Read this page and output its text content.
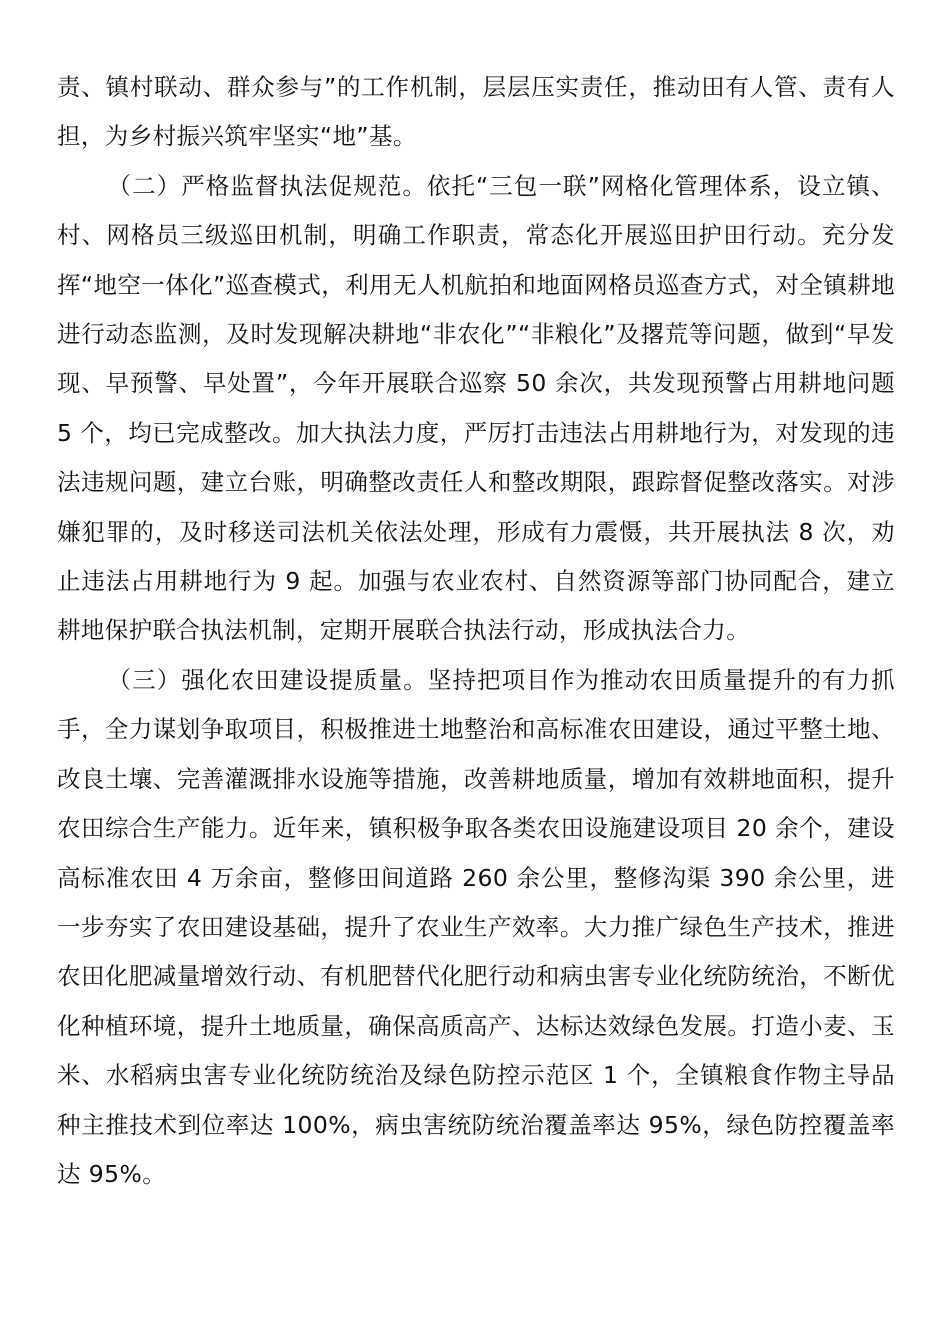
责、镇村联动、群众参与”的工作机制，层层压实责任，推动田有人管、责有人担，为乡村振兴筑牢坚实“地”基。

（二）严格监督执法促规范。依托“三包一联”网格化管理体系，设立镇、村、网格员三级巡田机制，明确工作职责，常态化开展巡田护田行动。充分发挥“地空一体化”巡查模式，利用无人机航拍和地面网格员巡查方式，对全镇耕地进行动态监测，及时发现解决耕地“非农化”“非粮化”及撂荒等问题，做到“早发现、早预警、早处置”，今年开展联合巡察 50 余次，共发现预警占用耕地问题 5 个，均已完成整改。加大执法力度，严厉打击违法占用耕地行为，对发现的违法违规问题，建立台账，明确整改责任人和整改期限，跟踪督促整改落实。对涉嫌犯罪的，及时移送司法机关依法处理，形成有力震慑，共开展执法 8 次，劝止违法占用耕地行为 9 起。加强与农业农村、自然资源等部门协同配合，建立耕地保护联合执法机制，定期开展联合执法行动，形成执法合力。

（三）强化农田建设提质量。坚持把项目作为推动农田质量提升的有力抓手，全力谋划争取项目，积极推进土地整治和高标准农田建设，通过平整土地、改良土壤、完善灌溉排水设施等措施，改善耕地质量，增加有效耕地面积，提升农田综合生产能力。近年来，镇积极争取各类农田设施建设项目 20 余个，建设高标准农田 4 万余亩，整修田间道路 260 余公里，整修沟渠 390 余公里，进一步夯实了农田建设基础，提升了农业生产效率。大力推广绿色生产技术，推进农田化肥减量增效行动、有机肥替代化肥行动和病虫害专业化统防统治，不断优化种植环境，提升土地质量，确保高质高产、达标达效绿色发展。打造小麦、玉米、水稻病虫害专业化统防统治及绿色防控示范区 1 个，全镇粮食作物主导品种主推技术到位率达 100%，病虫害统防统治覆盖率达 95%，绿色防控覆盖率达 95%。
